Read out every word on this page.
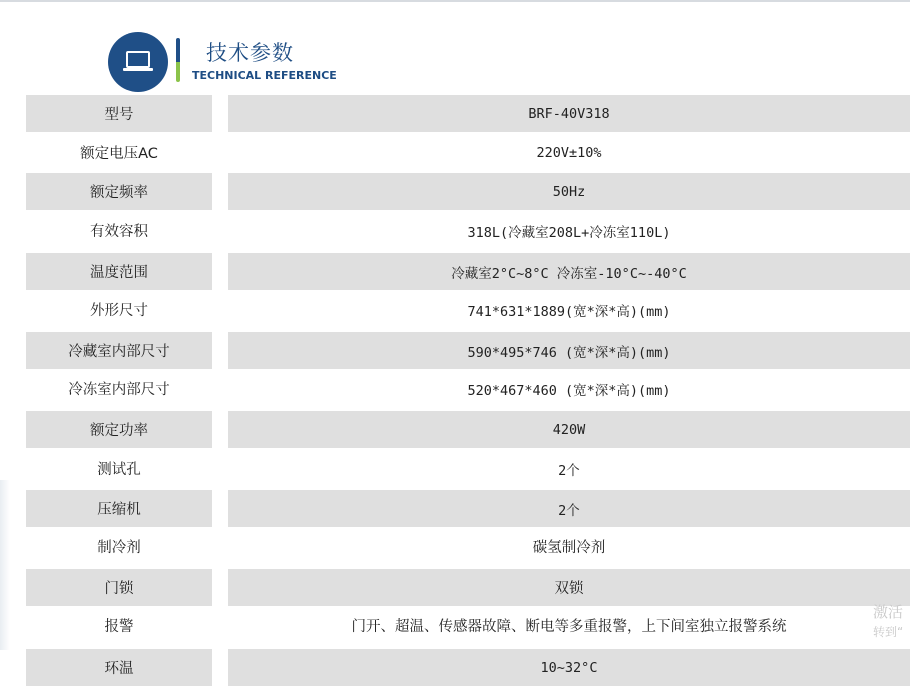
技术参数
TECHNICAL REFERENCE
型号	BRF-40V318
额定电压AC	220V±10%
额定频率	50Hz
有效容积	318L(冷藏室208L+冷冻室110L)
温度范围	冷藏室2°C~8°C 冷冻室-10°C~-40°C
外形尺寸	741*631*1889(宽*深*高)(mm)
冷藏室内部尺寸	590*495*746 (宽*深*高)(mm)
冷冻室内部尺寸	520*467*460 (宽*深*高)(mm)
额定功率	420W
测试孔	2个
压缩机	2个
制冷剂	碳氢制冷剂
门锁	双锁
报警	门开、超温、传感器故障、断电等多重报警，上下间室独立报警系统
环温	10~32°C
激活
转到“
